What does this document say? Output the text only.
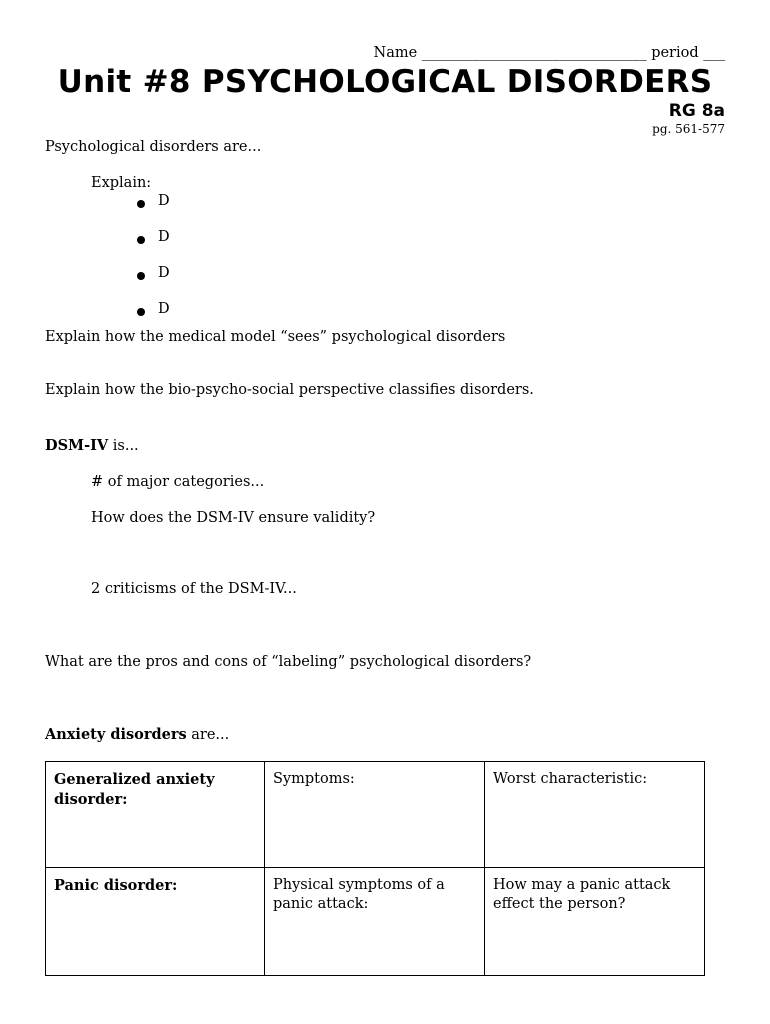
Name _______________________________ period ___
Unit #8 PSYCHOLOGICAL DISORDERS
RG 8a
pg. 561-577
Psychological disorders are...
Explain:
D
D
D
D
Explain how the medical model “sees” psychological disorders
Explain how the bio-psycho-social perspective classifies disorders.
DSM-IV is...
# of major categories...
How does the DSM-IV ensure validity?
2 criticisms of the DSM-IV...
What are the pros and cons of “labeling” psychological disorders?
Anxiety disorders are...
Generalized anxiety disorder:	Symptoms:	Worst characteristic:
Panic disorder:	Physical symptoms of a panic attack:	How may a panic attack effect the person?
